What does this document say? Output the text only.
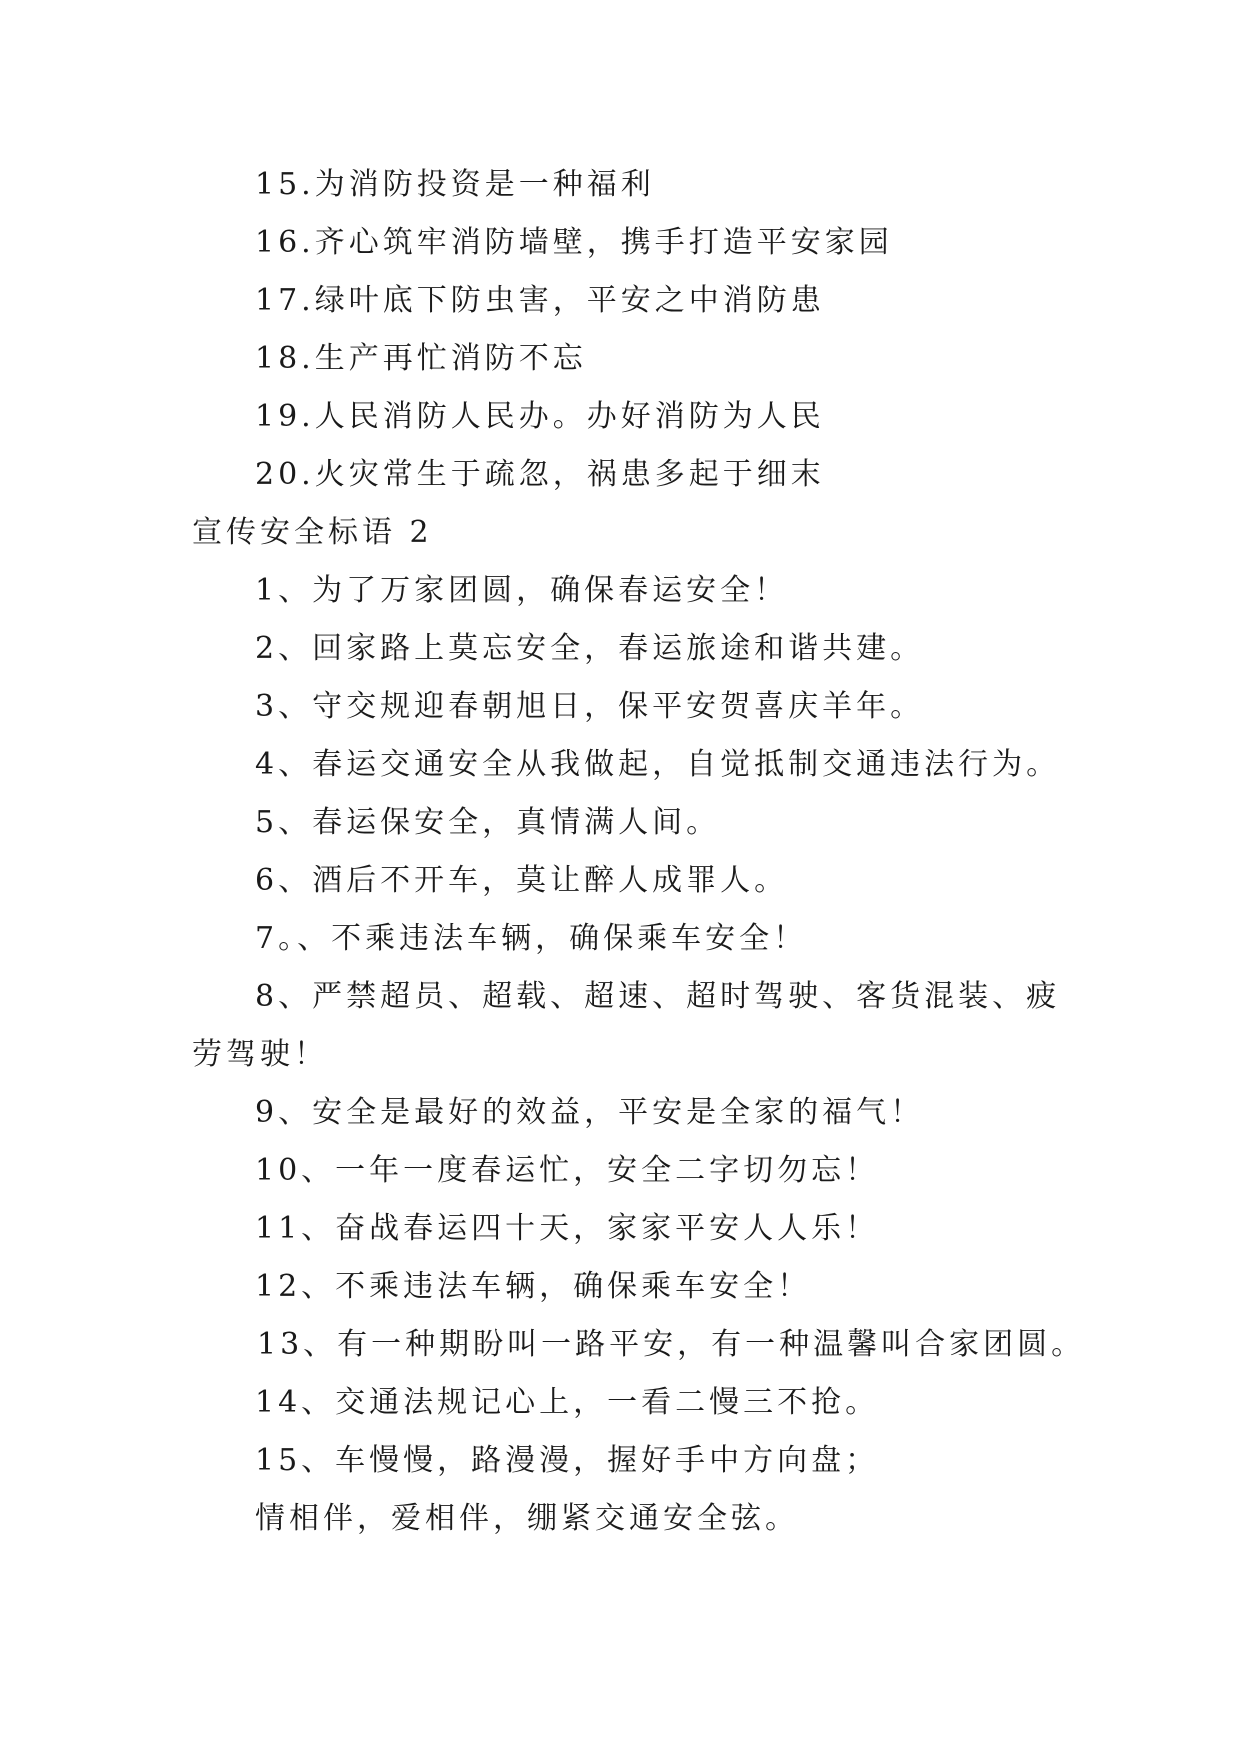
15.为消防投资是一种福利
16.齐心筑牢消防墙壁，携手打造平安家园
17.绿叶底下防虫害，平安之中消防患
18.生产再忙消防不忘
19.人民消防人民办。办好消防为人民
20.火灾常生于疏忽，祸患多起于细末
宣传安全标语 2
1、为了万家团圆，确保春运安全！
2、回家路上莫忘安全，春运旅途和谐共建。
3、守交规迎春朝旭日，保平安贺喜庆羊年。
4、春运交通安全从我做起，自觉抵制交通违法行为。
5、春运保安全，真情满人间。
6、酒后不开车，莫让醉人成罪人。
7。、不乘违法车辆，确保乘车安全！
8、严禁超员、超载、超速、超时驾驶、客货混装、疲
劳驾驶！
9、安全是最好的效益，平安是全家的福气！
10、一年一度春运忙，安全二字切勿忘！
11、奋战春运四十天，家家平安人人乐！
12、不乘违法车辆，确保乘车安全！
13、有一种期盼叫一路平安，有一种温馨叫合家团圆。
14、交通法规记心上，一看二慢三不抢。
15、车慢慢，路漫漫，握好手中方向盘；
情相伴，爱相伴，绷紧交通安全弦。
